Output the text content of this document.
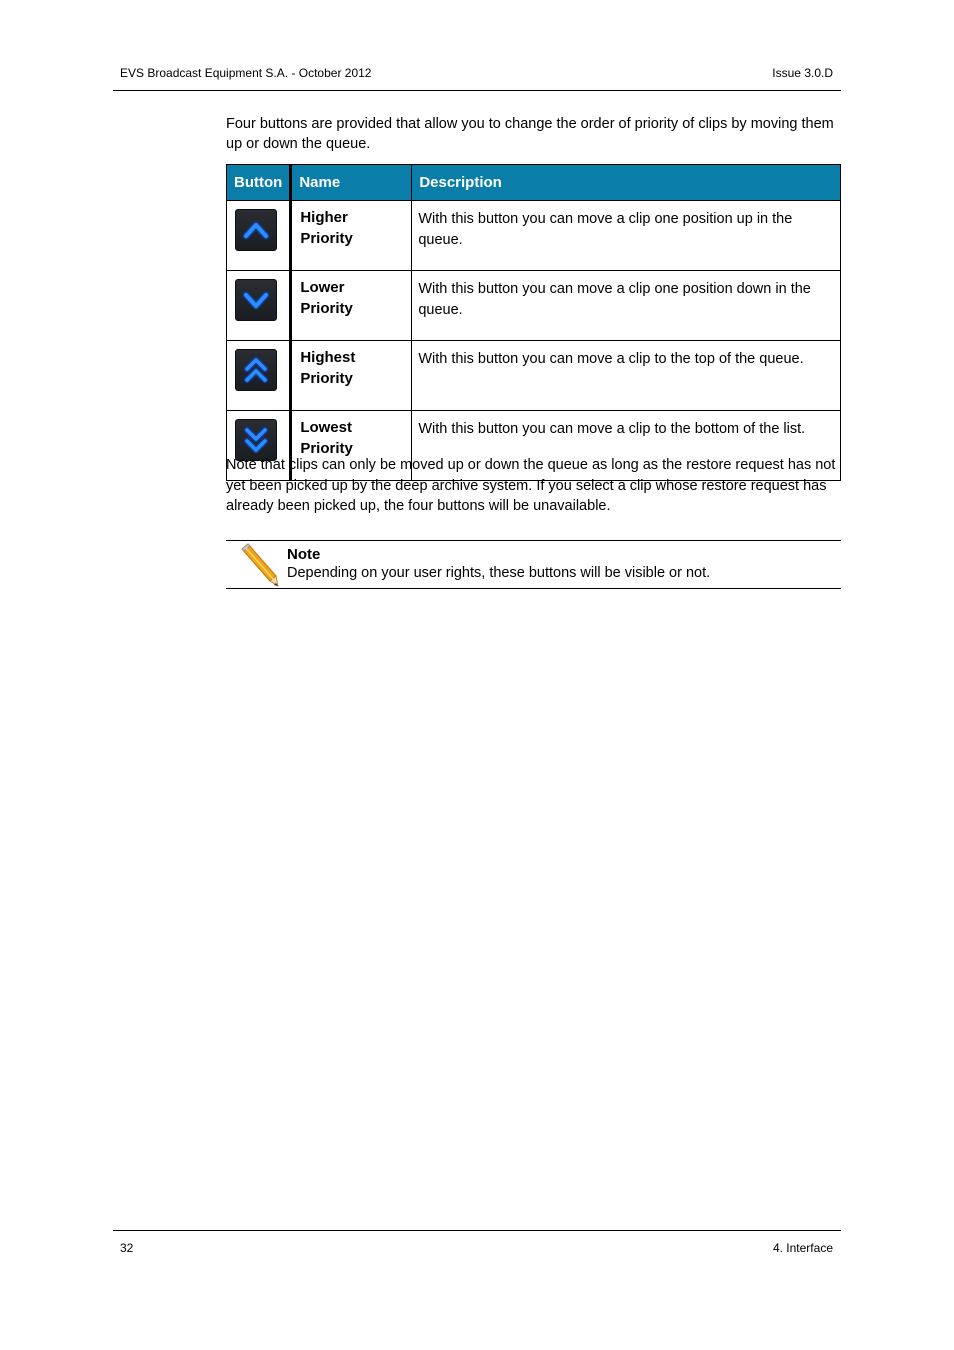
EVS Broadcast Equipment S.A. - October 2012	Issue 3.0.D
Four buttons are provided that allow you to change the order of priority of clips by moving them up or down the queue.
Button	Name	Description

Higher
Priority	With this button you can move a clip one position up in the queue.

Lower
Priority	With this button you can move a clip one position down in the queue.

Highest
Priority	With this button you can move a clip to the top of the queue.

Lowest
Priority	With this button you can move a clip to the bottom of the list.
Note that clips can only be moved up or down the queue as long as the restore request has not yet been picked up by the deep archive system. If you select a clip whose restore request has already been picked up, the four buttons will be unavailable.
Note
Depending on your user rights, these buttons will be visible or not.
32	4. Interface
